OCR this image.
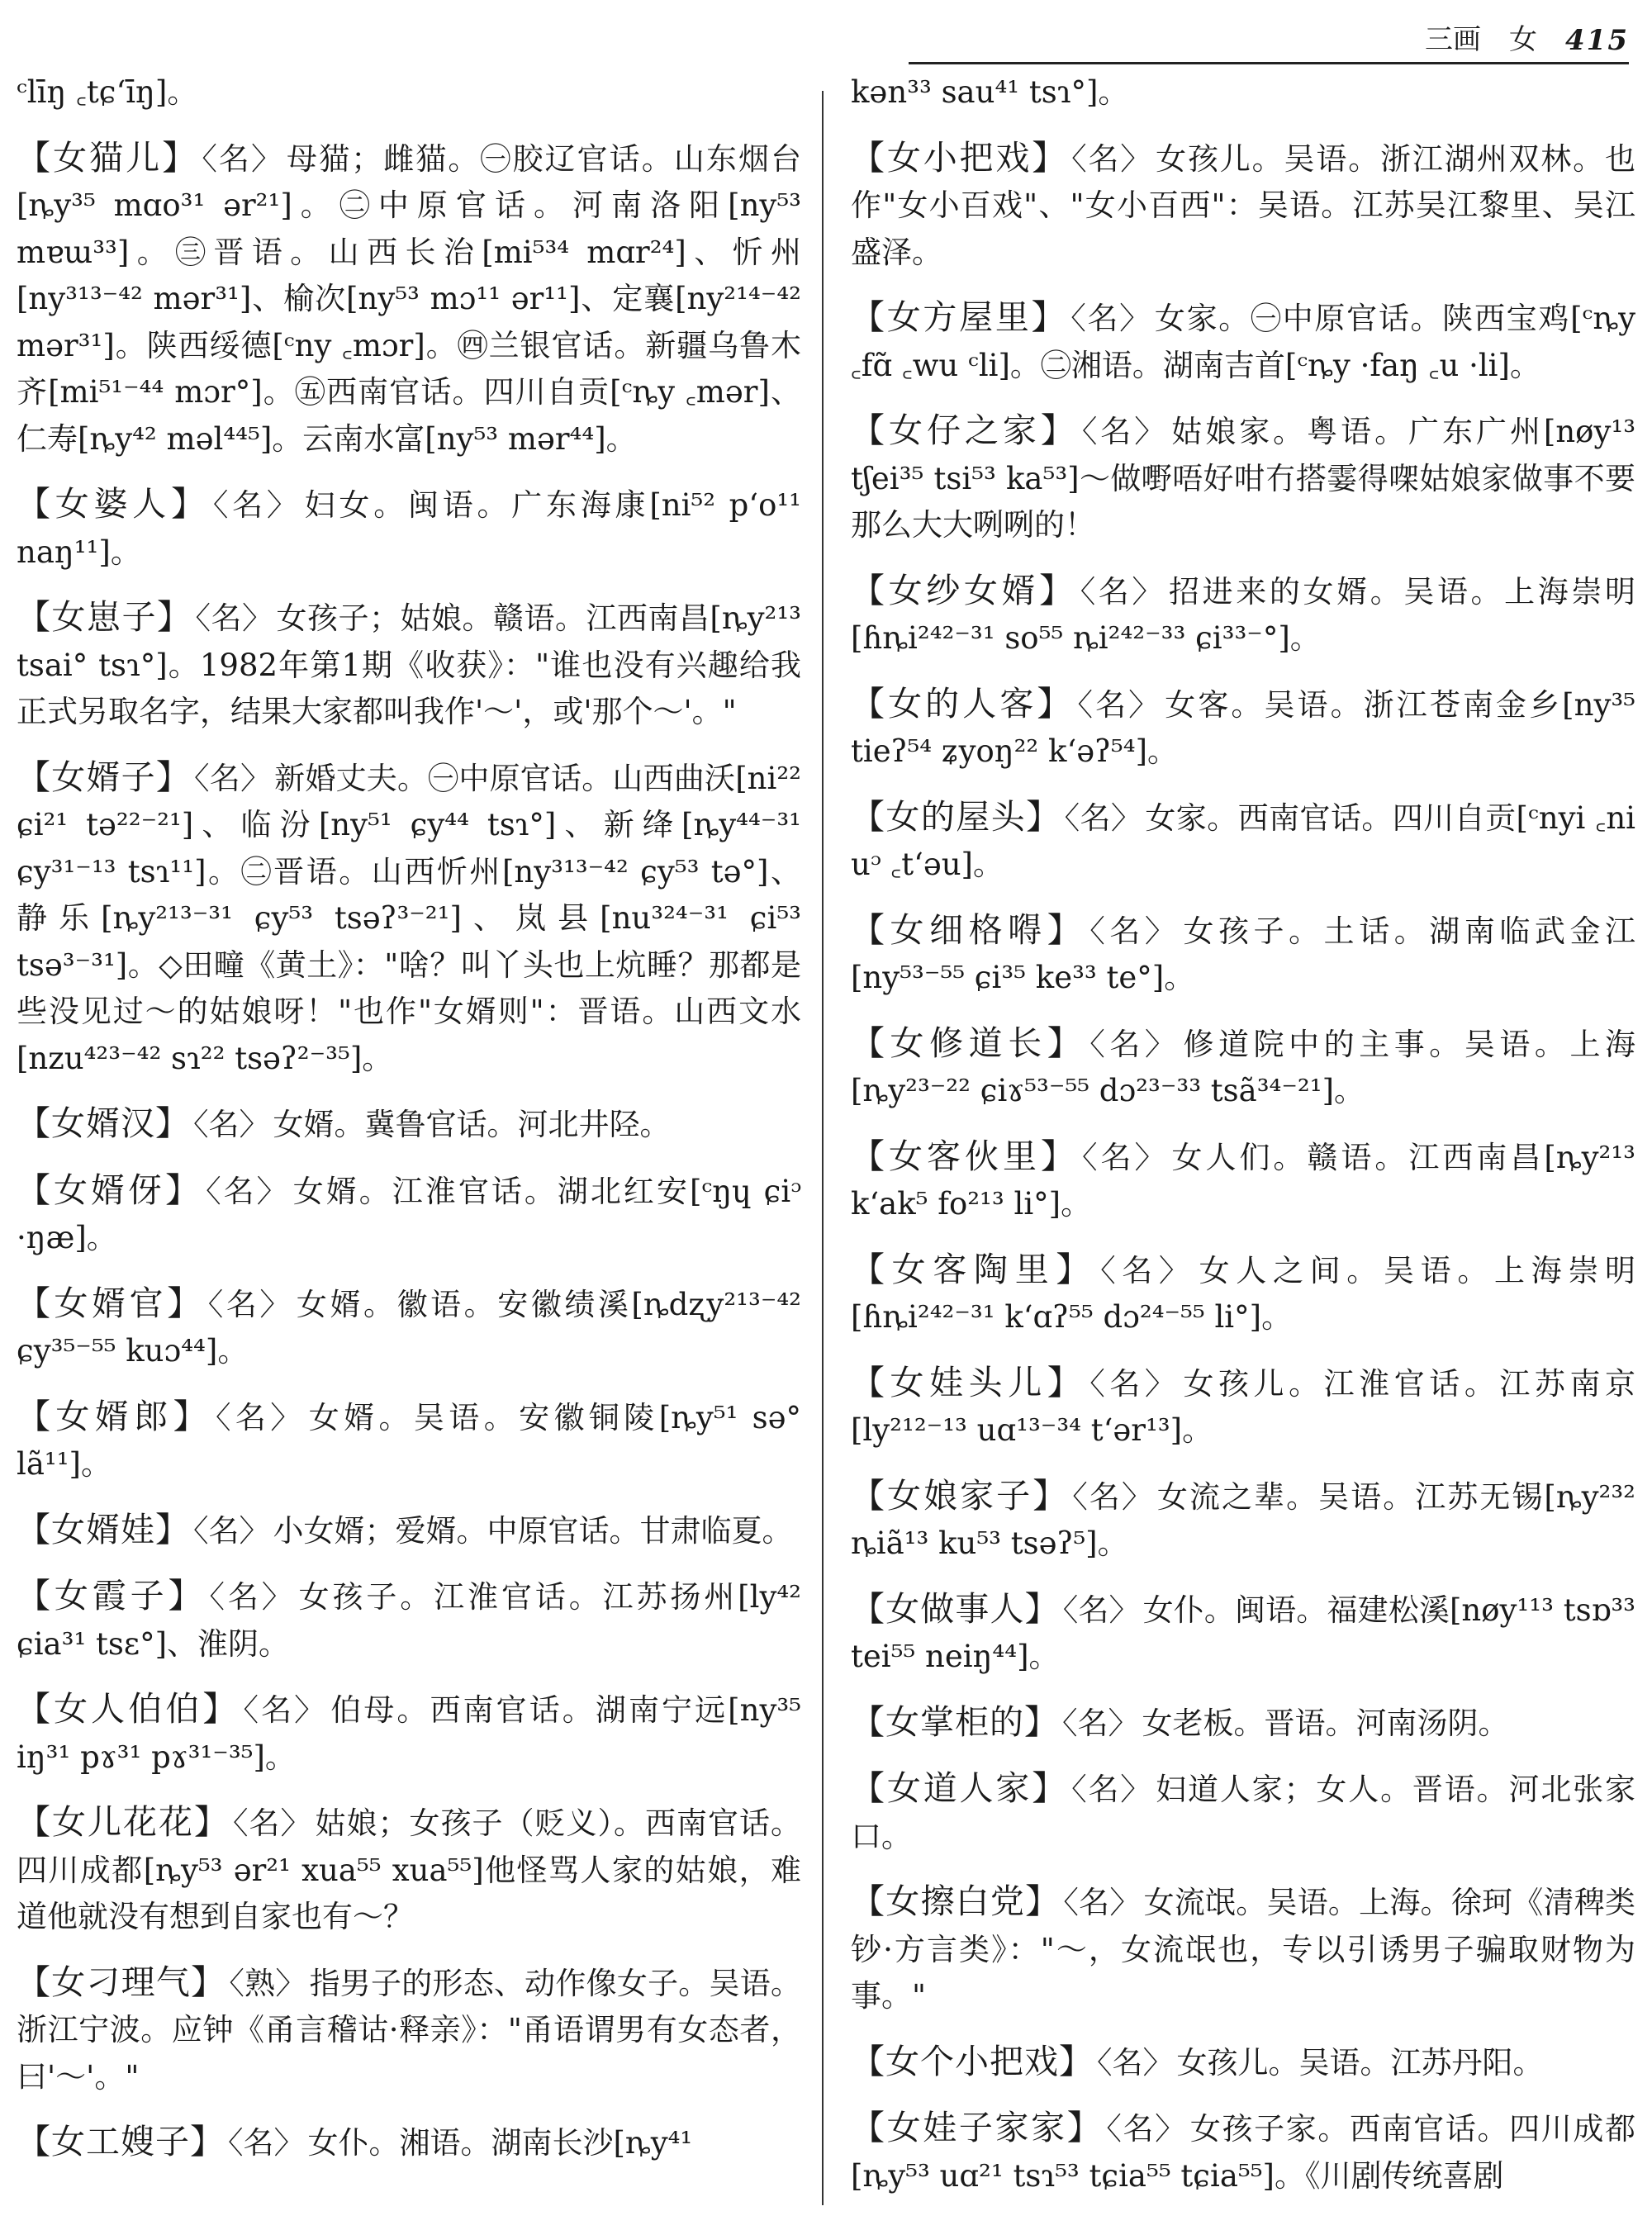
三画 女 415
ᶜlīŋ ꜀tɕʻīŋ]。
【女猫儿】 〈名〉 母猫；雌猫。㊀胶辽官话。山东烟台[ȵy³⁵ mɑo³¹ ər²¹]。㊁中原官话。河南洛阳[ny⁵³ mɐɯ³³]。㊂晋语。山西长治[mi⁵³⁴ mɑr²⁴]、忻州[ny³¹³⁻⁴² mər³¹]、榆次[ny⁵³ mɔ¹¹ ər¹¹]、定襄[ny²¹⁴⁻⁴² mər³¹]。陕西绥德[ᶜny ꜀mɔr]。㊃兰银官话。新疆乌鲁木齐[mi⁵¹⁻⁴⁴ mɔr°]。㊄西南官话。四川自贡[ᶜȵy ꜀mər]、仁寿[ȵy⁴² məl⁴⁴⁵]。云南水富[ny⁵³ mər⁴⁴]。
【女婆人】 〈名〉 妇女。闽语。广东海康[ni⁵² pʻo¹¹ naŋ¹¹]。
【女崽子】 〈名〉 女孩子；姑娘。赣语。江西南昌[ȵy²¹³ tsai° tsɿ°]。1982年第1期《收获》："谁也没有兴趣给我正式另取名字，结果大家都叫我作'～'，或'那个～'。"
【女婿子】 〈名〉 新婚丈夫。㊀中原官话。山西曲沃[ni²² ɕi²¹ tə²²⁻²¹]、临汾[ny⁵¹ ɕy⁴⁴ tsɿ°]、新绛[ȵy⁴⁴⁻³¹ ɕy³¹⁻¹³ tsɿ¹¹]。㊁晋语。山西忻州[ny³¹³⁻⁴² ɕy⁵³ tə°]、静乐[ȵy²¹³⁻³¹ ɕy⁵³ tsəʔ³⁻²¹]、岚县[nu³²⁴⁻³¹ ɕi⁵³ tsə³⁻³¹]。◇田疃《黄土》："啥？叫丫头也上炕睡？那都是些没见过～的姑娘呀！"也作"女婿则"：晋语。山西文水[nzu⁴²³⁻⁴² sɿ²² tsəʔ²⁻³⁵]。
【女婿汉】 〈名〉 女婿。冀鲁官话。河北井陉。
【女婿伢】 〈名〉 女婿。江淮官话。湖北红安[ᶜŋɥ ɕiᵓ ·ŋæ]。
【女婿官】 〈名〉 女婿。徽语。安徽绩溪[ȵdʐy²¹³⁻⁴² ɕy³⁵⁻⁵⁵ kuɔ⁴⁴]。
【女婿郎】 〈名〉 女婿。吴语。安徽铜陵[ȵy⁵¹ sə° lã¹¹]。
【女婿娃】 〈名〉 小女婿；爱婿。中原官话。甘肃临夏。
【女霞子】 〈名〉 女孩子。江淮官话。江苏扬州[ly⁴² ɕia³¹ tsɛ°]、淮阴。
【女人伯伯】 〈名〉 伯母。西南官话。湖南宁远[ny³⁵ iŋ³¹ pɤ³¹ pɤ³¹⁻³⁵]。
【女儿花花】 〈名〉 姑娘；女孩子（贬义）。西南官话。四川成都[ȵy⁵³ ər²¹ xua⁵⁵ xua⁵⁵]他怪骂人家的姑娘，难道他就没有想到自家也有～？
【女刁理气】 〈熟〉 指男子的形态、动作像女子。吴语。浙江宁波。应钟《甬言稽诂·释亲》："甬语谓男有女态者，曰'～'。"
【女工嫂子】 〈名〉 女仆。湘语。湖南长沙[ȵy⁴¹
kən³³ sau⁴¹ tsɿ°]。
【女小把戏】 〈名〉 女孩儿。吴语。浙江湖州双林。也作"女小百戏"、"女小百西"：吴语。江苏吴江黎里、吴江盛泽。
【女方屋里】 〈名〉 女家。㊀中原官话。陕西宝鸡[ᶜȵy ꜀fɑ̃ ꜀wu ᶜli]。㊁湘语。湖南吉首[ᶜȵy ·faŋ ꜀u ·li]。
【女仔之家】 〈名〉 姑娘家。粤语。广东广州[nøy¹³ tʃei³⁵ tsi⁵³ ka⁵³]～做嘢唔好咁冇搭霎得㗎姑娘家做事不要那么大大咧咧的！
【女纱女婿】 〈名〉 招进来的女婿。吴语。上海崇明[ɦȵi²⁴²⁻³¹ so⁵⁵ ȵi²⁴²⁻³³ ɕi³³⁻°]。
【女的人客】 〈名〉 女客。吴语。浙江苍南金乡[ny³⁵ tieʔ⁵⁴ ʑyoŋ²² kʻəʔ⁵⁴]。
【女的屋头】 〈名〉 女家。西南官话。四川自贡[ᶜnyi ꜀ni uᵓ ꜀tʻəu]。
【女细格嘚】 〈名〉 女孩子。土话。湖南临武金江[ny⁵³⁻⁵⁵ ɕi³⁵ ke³³ te°]。
【女修道长】 〈名〉 修道院中的主事。吴语。上海[ȵy²³⁻²² ɕiɤ⁵³⁻⁵⁵ dɔ²³⁻³³ tsã³⁴⁻²¹]。
【女客伙里】 〈名〉 女人们。赣语。江西南昌[ȵy²¹³ kʻak⁵ fo²¹³ li°]。
【女客陶里】 〈名〉 女人之间。吴语。上海崇明[ɦȵi²⁴²⁻³¹ kʻɑʔ⁵⁵ dɔ²⁴⁻⁵⁵ li°]。
【女娃头儿】 〈名〉 女孩儿。江淮官话。江苏南京[ly²¹²⁻¹³ uɑ¹³⁻³⁴ tʻər¹³]。
【女娘家子】 〈名〉 女流之辈。吴语。江苏无锡[ȵy²³² ȵiã¹³ ku⁵³ tsəʔ⁵]。
【女做事人】 〈名〉 女仆。闽语。福建松溪[nøy¹¹³ tsɒ³³ tei⁵⁵ neiŋ⁴⁴]。
【女掌柜的】 〈名〉 女老板。晋语。河南汤阴。
【女道人家】 〈名〉 妇道人家；女人。晋语。河北张家口。
【女擦白党】 〈名〉 女流氓。吴语。上海。徐珂《清稗类钞·方言类》："～，女流氓也，专以引诱男子骗取财物为事。"
【女个小把戏】 〈名〉 女孩儿。吴语。江苏丹阳。
【女娃子家家】 〈名〉 女孩子家。西南官话。四川成都[ȵy⁵³ uɑ²¹ tsɿ⁵³ tɕia⁵⁵ tɕia⁵⁵]。《川剧传统喜剧
